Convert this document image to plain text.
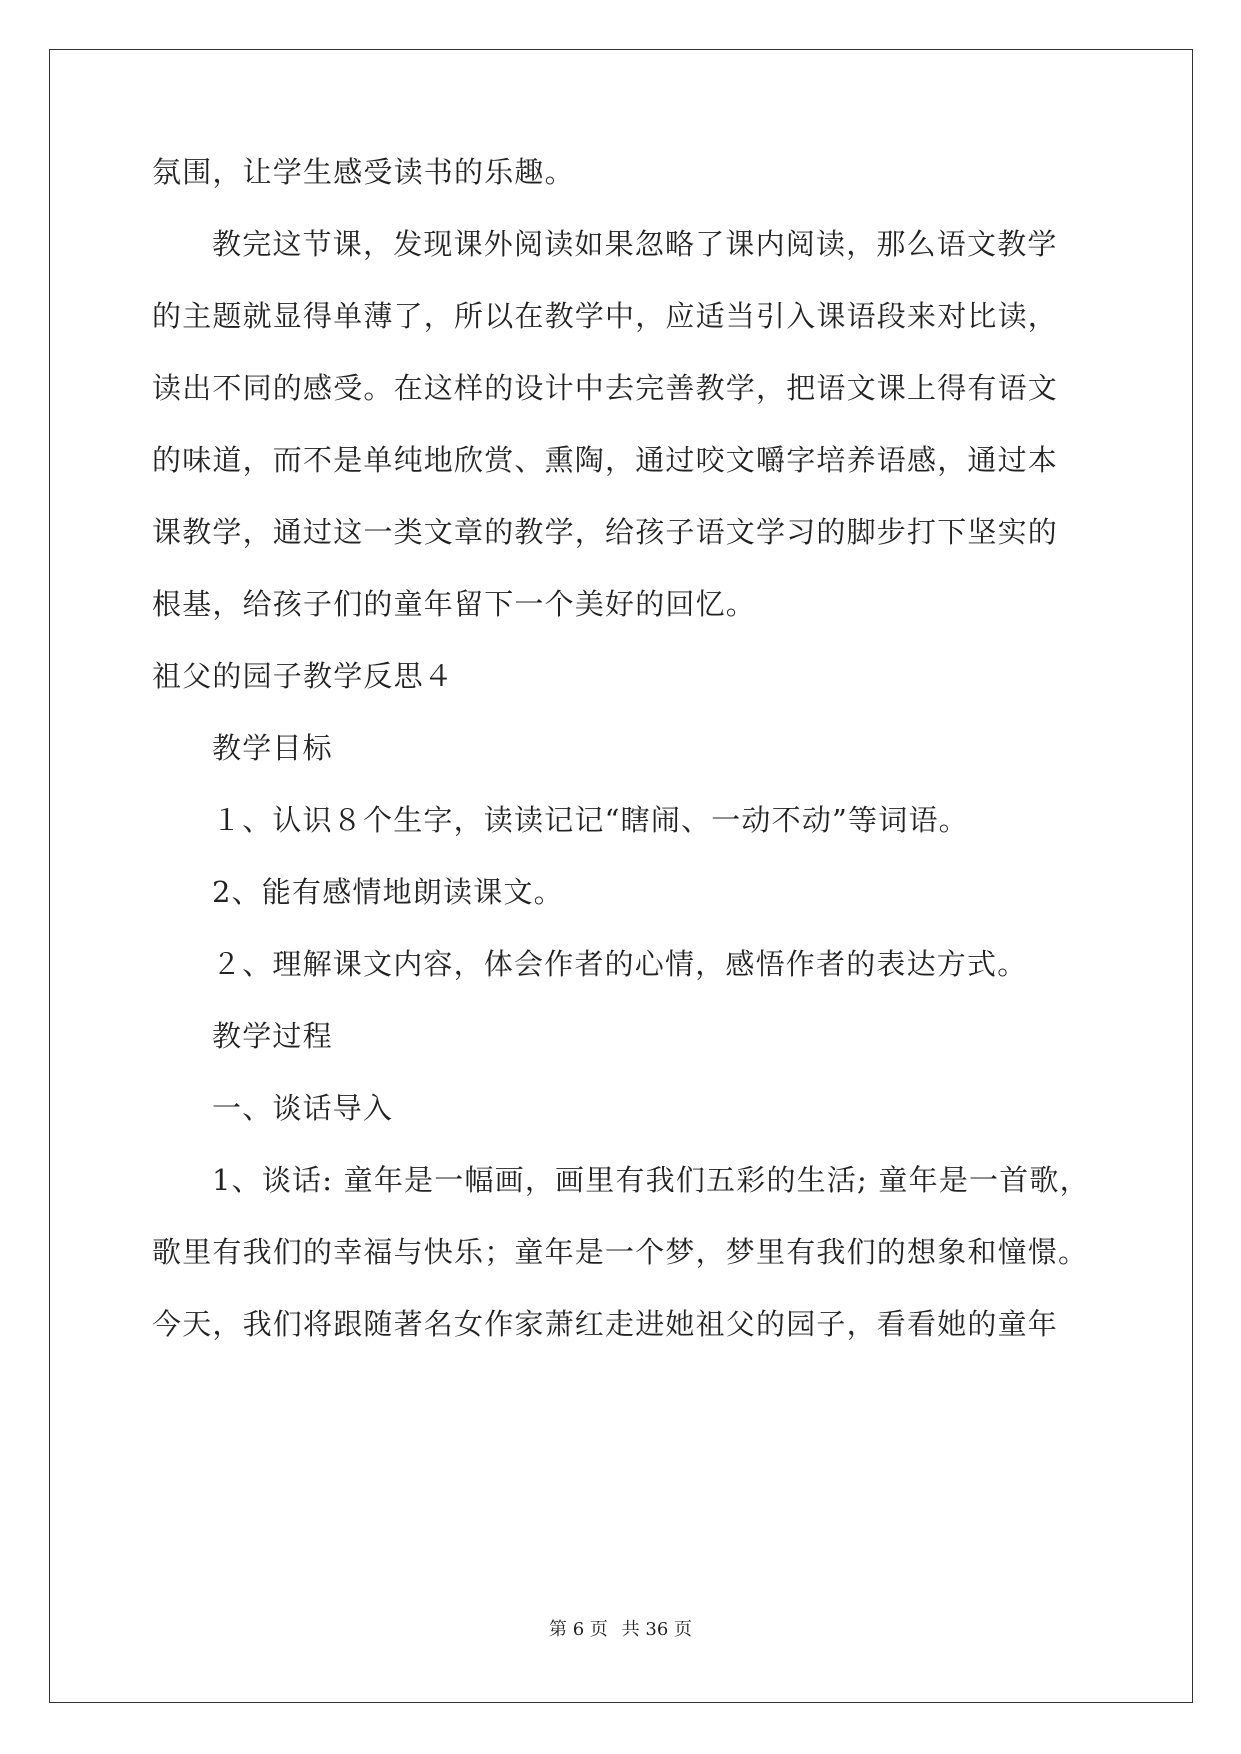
氛围，让学生感受读书的乐趣。
教完这节课，发现课外阅读如果忽略了课内阅读，那么语文教学
的主题就显得单薄了，所以在教学中，应适当引入课语段来对比读，
读出不同的感受。在这样的设计中去完善教学，把语文课上得有语文
的味道，而不是单纯地欣赏、熏陶，通过咬文嚼字培养语感，通过本
课教学，通过这一类文章的教学，给孩子语文学习的脚步打下坚实的
根基，给孩子们的童年留下一个美好的回忆。
祖父的园子教学反思４
教学目标
１、认识８个生字，读读记记“瞎闹、一动不动”等词语。
2、能有感情地朗读课文。
２、理解课文内容，体会作者的心情，感悟作者的表达方式。
教学过程
一、谈话导入
1、谈话: 童年是一幅画，画里有我们五彩的生活; 童年是一首歌，
歌里有我们的幸福与快乐；童年是一个梦，梦里有我们的想象和憧憬。
今天，我们将跟随著名女作家萧红走进她祖父的园子，看看她的童年
第 6 页 共 36 页
